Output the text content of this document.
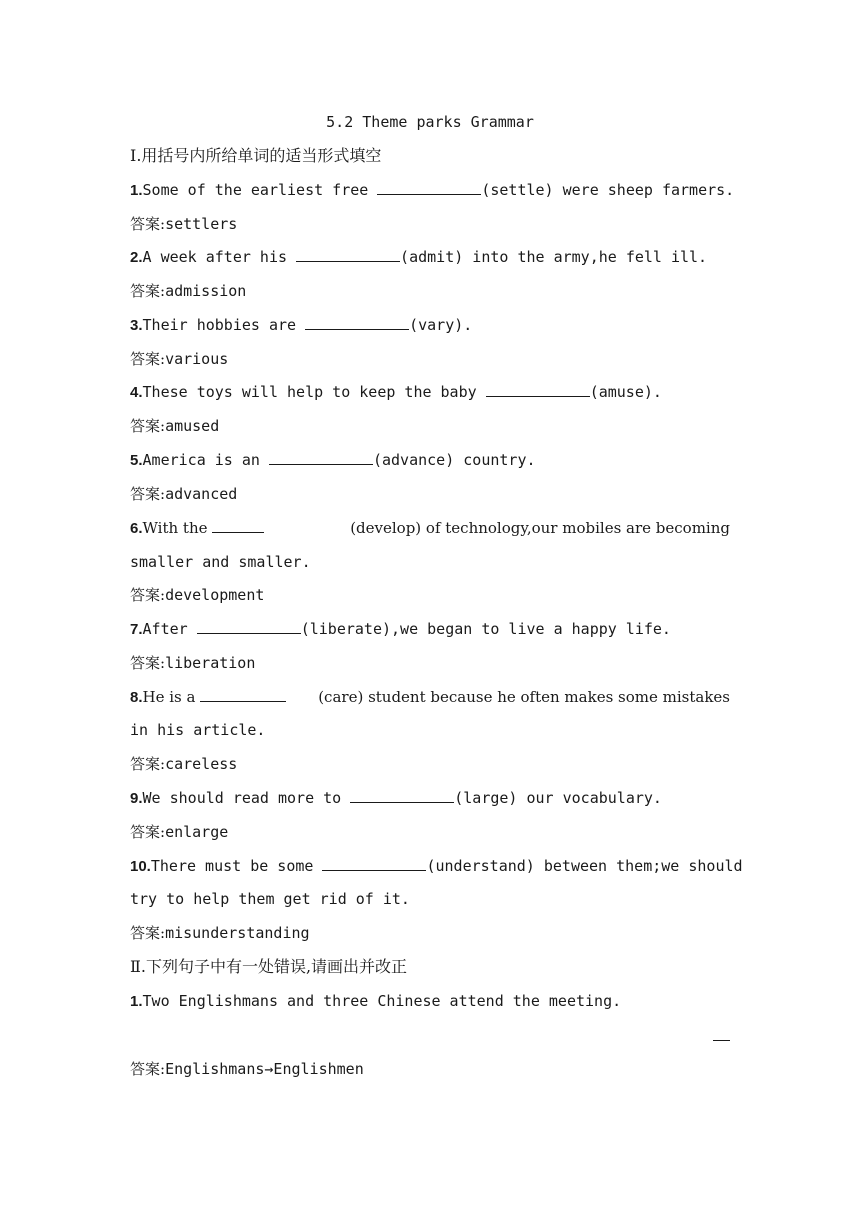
5.2 Theme parks Grammar
Ⅰ.用括号内所给单词的适当形式填空
1.Some of the earliest free	(settle) were sheep farmers.
答案:settlers
2.A week after his	(admit) into the army,he fell ill.
答案:admission
3.Their hobbies are	(vary).
答案:various
4.These toys will help to keep the baby	(amuse).
答案:amused
5.America is an	(advance) country.
答案:advanced
6.With the	(develop) of technology,our mobiles are becoming
smaller and smaller.
答案:development
7.After	(liberate),we began to live a happy life.
答案:liberation
8.He is a	(care) student because he often makes some mistakes
in his article.
答案:careless
9.We should read more to	(large) our vocabulary.
答案:enlarge
10.There must be some	(understand) between them;we should
try to help them get rid of it.
答案:misunderstanding
Ⅱ.下列句子中有一处错误,请画出并改正
1.Two Englishmans and three Chinese attend the meeting.
答案:Englishmans→Englishmen
